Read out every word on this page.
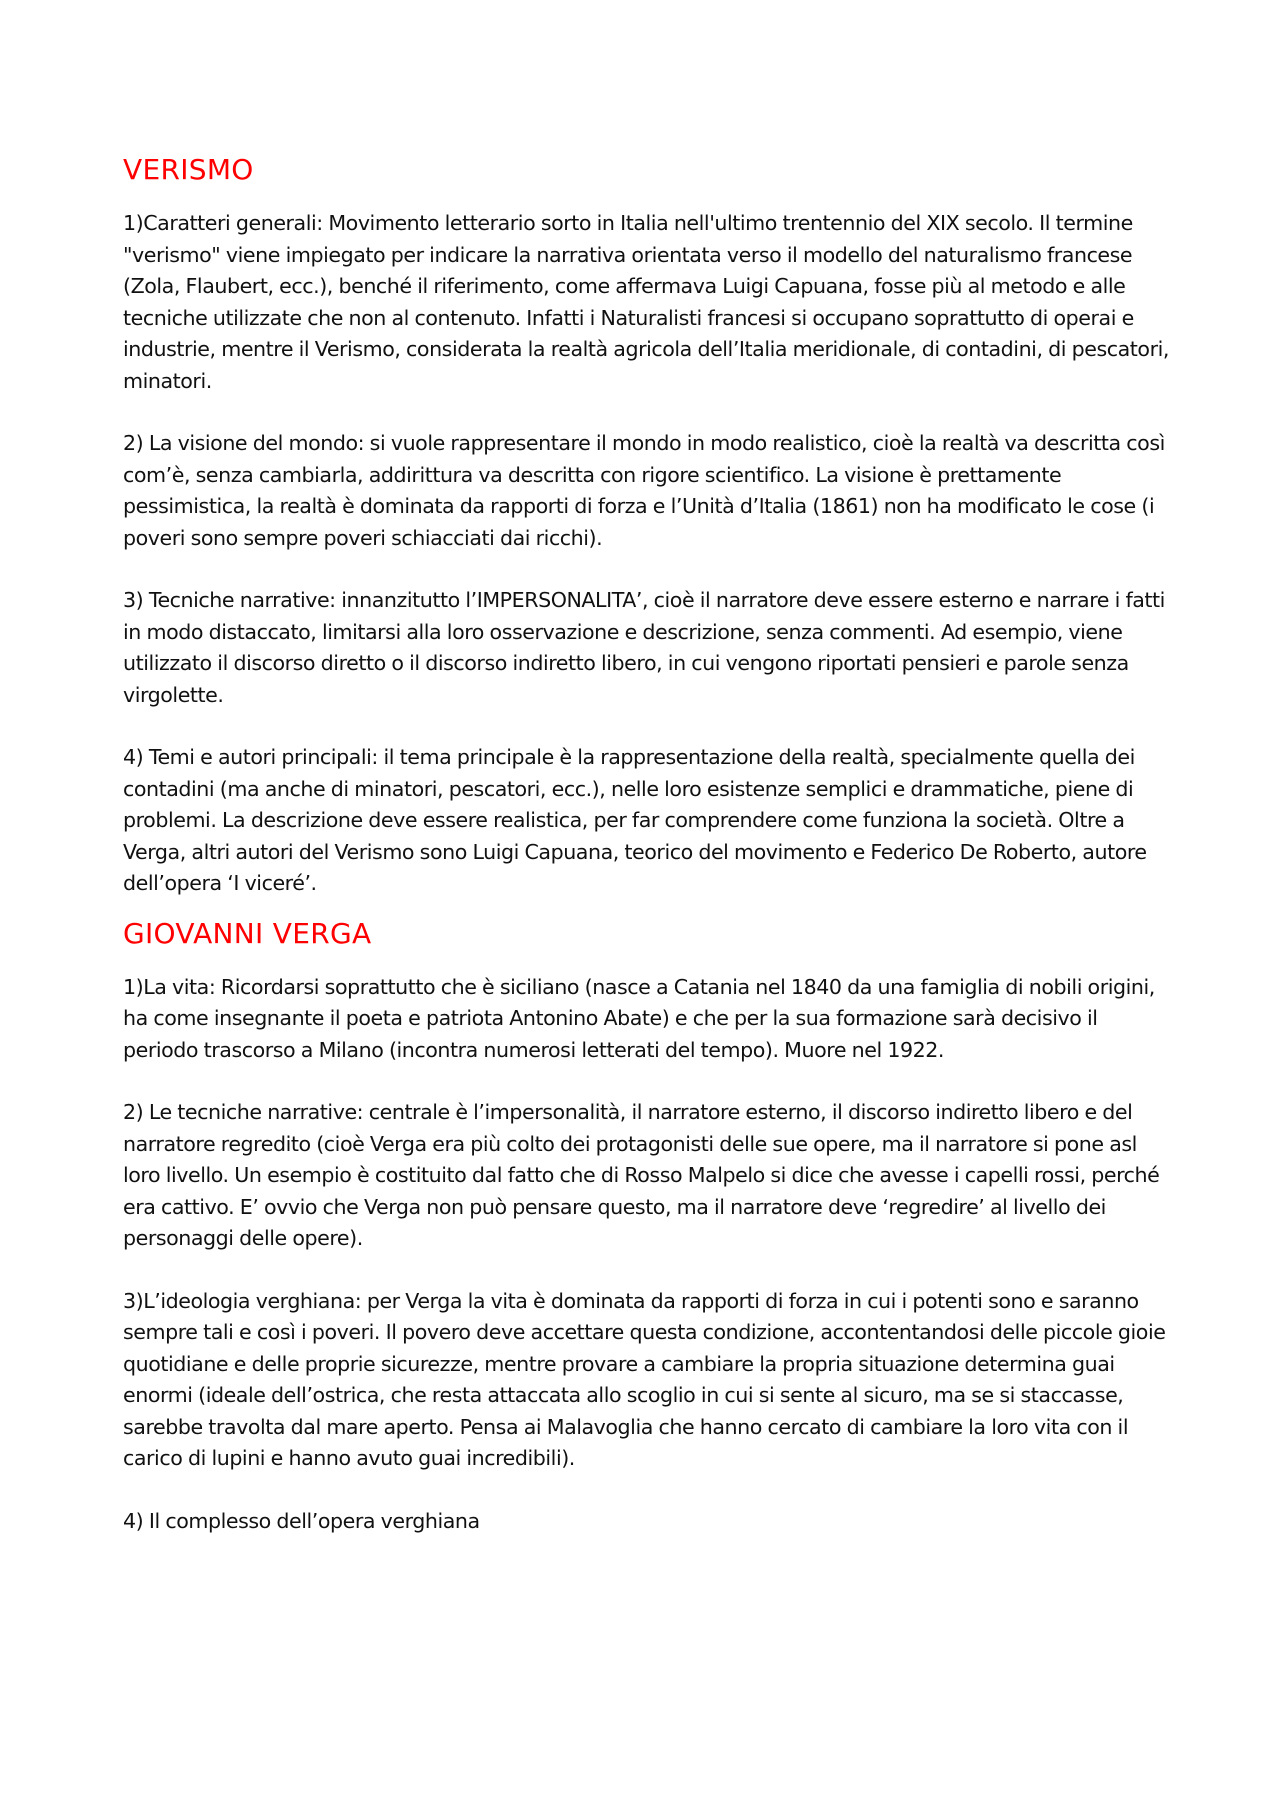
VERISMO

1)Caratteri generali: Movimento letterario sorto in Italia nell'ultimo trentennio del XIX secolo. Il termine "verismo" viene impiegato per indicare la narrativa orientata verso il modello del naturalismo francese (Zola, Flaubert, ecc.), benché il riferimento, come affermava Luigi Capuana, fosse più al metodo e alle tecniche utilizzate che non al contenuto. Infatti i Naturalisti francesi si occupano soprattutto di operai e industrie, mentre il Verismo, considerata la realtà agricola dell’Italia meridionale, di contadini, di pescatori, minatori.

2) La visione del mondo: si vuole rappresentare il mondo in modo realistico, cioè la realtà va descritta così com’è, senza cambiarla, addirittura va descritta con rigore scientifico. La visione è prettamente pessimistica, la realtà è dominata da rapporti di forza e l’Unità d’Italia (1861) non ha modificato le cose (i poveri sono sempre poveri schiacciati dai ricchi).

3) Tecniche narrative: innanzitutto l’IMPERSONALITA’, cioè il narratore deve essere esterno e narrare i fatti in modo distaccato, limitarsi alla loro osservazione e descrizione, senza commenti. Ad esempio, viene utilizzato il discorso diretto o il discorso indiretto libero, in cui vengono riportati pensieri e parole senza virgolette.

4) Temi e autori principali: il tema principale è la rappresentazione della realtà, specialmente quella dei contadini (ma anche di minatori, pescatori, ecc.), nelle loro esistenze semplici e drammatiche, piene di problemi. La descrizione deve essere realistica, per far comprendere come funziona la società. Oltre a Verga, altri autori del Verismo sono Luigi Capuana, teorico del movimento e Federico De Roberto, autore dell’opera ‘I viceré’.

GIOVANNI VERGA

1)La vita: Ricordarsi soprattutto che è siciliano (nasce a Catania nel 1840 da una famiglia di nobili origini, ha come insegnante il poeta e patriota Antonino Abate) e che per la sua formazione sarà decisivo il periodo trascorso a Milano (incontra numerosi letterati del tempo). Muore nel 1922.

2) Le tecniche narrative: centrale è l’impersonalità, il narratore esterno, il discorso indiretto libero e del narratore regredito (cioè Verga era più colto dei protagonisti delle sue opere, ma il narratore si pone asl loro livello. Un esempio è costituito dal fatto che di Rosso Malpelo si dice che avesse i capelli rossi, perché era cattivo. E’ ovvio che Verga non può pensare questo, ma il narratore deve ‘regredire’ al livello dei personaggi delle opere).

3)L’ideologia verghiana: per Verga la vita è dominata da rapporti di forza in cui i potenti sono e saranno sempre tali e così i poveri. Il povero deve accettare questa condizione, accontentandosi delle piccole gioie quotidiane e delle proprie sicurezze, mentre provare a cambiare la propria situazione determina guai enormi (ideale dell’ostrica, che resta attaccata allo scoglio in cui si sente al sicuro, ma se si staccasse, sarebbe travolta dal mare aperto. Pensa ai Malavoglia che hanno cercato di cambiare la loro vita con il carico di lupini e hanno avuto guai incredibili).

4) Il complesso dell’opera verghiana
